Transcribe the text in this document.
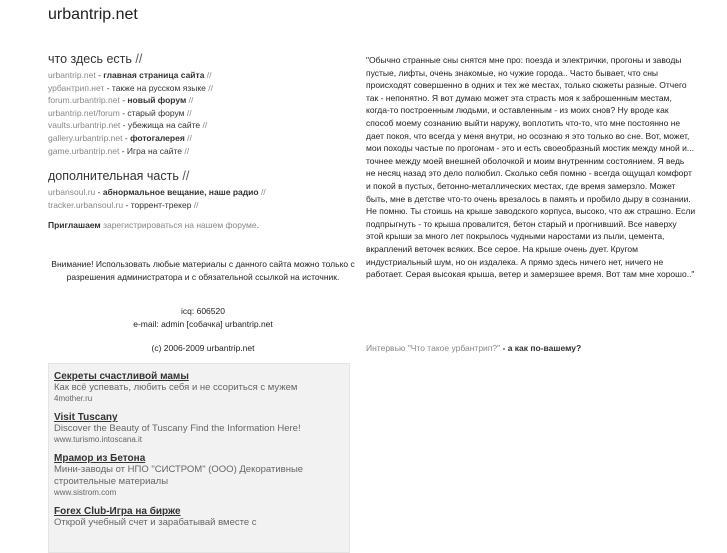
urbantrip.net
что здесь есть //
urbantrip.net - главная страница сайта //
урбантрип.нет - также на русском языке //
forum.urbantrip.net - новый форум //
urbantrip.net/forum - старый форум //
vaults.urbantrip.net - убежища на сайте //
gallery.urbantrip.net - фотогалерея //
game.urbantrip.net - Игра на сайте //
дополнительная часть //
urbansoul.ru - абнормальное вещание, наше радио //
tracker.urbansoul.ru - торрент-трекер //
Приглашаем зарегистрироваться на нашем форуме.
Внимание! Использовать любые материалы с данного сайта можно только с разрешения администратора и с обязательной ссылкой на источник.
icq: 606520
e-mail: admin [собачка] urbantrip.net
(c) 2006-2009 urbantrip.net
Секреты счастливой мамы
Как всё успевать, любить себя и не ссориться с мужем
4mother.ru
Visit Tuscany
Discover the Beauty of Tuscany Find the Information Here!
www.turismo.intoscana.it
Мрамор из Бетона
Мини-заводы от НПО "СИСТРОМ" (ООО) Декоративные строительные материалы
www.sistrom.com
Forex Club-Игра на бирже
Открой учебный счет и зарабатывай вместе с

"Обычно странные сны снятся мне про: поезда и электрички, прогоны и заводы пустые, лифты, очень знакомые, но чужие города.. Часто бывает, что сны происходят совершенно в одних и тех же местах, только сюжеты разные. Отчего так - непонятно. Я вот думаю может эта страсть моя к заброшенным местам, когда-то построенным людьми, и оставленным - из моих снов? Ну вроде как способ моему сознанию выйти наружу, воплотить что-то, что мне постоянно не дает покоя, что всегда у меня внутри, но осознаю я это только во сне. Вот, может, мои походы частые по прогонам - это и есть своеобразный мостик между мной и... точнее между моей внешней оболочкой и моим внутренним состоянием. Я ведь не несяц назад это дело полюбил. Сколько себя помню - всегда ощущал комфорт и покой в пустых, бетонно-металлических местах, где время замерзло. Может быть, мне в детстве что-то очень врезалось в память и пробило дыру в сознании. Не помню. Ты стоишь на крыше заводского корпуса, высоко, что аж страшно. Если подпрыгнуть - то крыша провалится, бетон старый и прогнивший. Все наверху этой крыши за много лет покрылось чудными наростами из пыли, цемента, вкраплений веточек всяких. Все серое. На крыше очень дует. Кругом индустриальный шум, но он издалека. А прямо здесь ничего нет, ничего не работает. Серая высокая крыша, ветер и замерзшее время. Вот там мне хорошо.."

Интервью "Что такое урбантрип?" - а как по-вашему?
